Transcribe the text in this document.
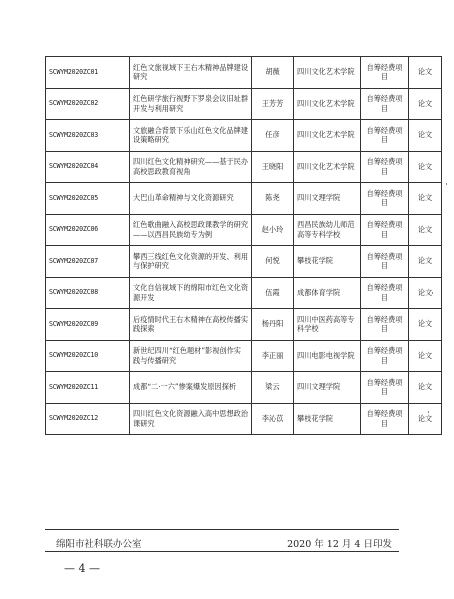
SCWYM2020ZC01	红色文旅视域下王右木精神品牌建设研究	胡薇	四川文化艺术学院	自筹经费项目	论文
SCWYM2020ZC02	红色研学旅行视野下罗泉会议旧址群开发与利用研究	王芳芳	四川文化艺术学院	自筹经费项目	论文
SCWYM2020ZC03	文旅融合背景下乐山红色文化品牌建设策略研究	任彦	四川文化艺术学院	自筹经费项目	论文
SCWYM2020ZC04	四川红色文化精神研究——基于民办高校思政教育视角	王晓阳	四川文化艺术学院	自筹经费项目	论文
SCWYM2020ZC05	大巴山革命精神与文化资源研究	陈尧	四川文理学院	自筹经费项目	论文
SCWYM2020ZC06	红色歌曲融入高校思政课教学的研究——以西昌民族幼专为例	赵小玲	西昌民族幼儿师范高等专科学校	自筹经费项目	论文
SCWYM2020ZC07	攀西三线红色文化资源的开发、利用与保护研究	何悦	攀枝花学院	自筹经费项目	论文
SCWYM2020ZC08	文化自信视域下的绵阳市红色文化资源开发	伍霞	成都体育学院	自筹经费项目	论文
SCWYM2020ZC09	后疫情时代王右木精神在高校传播实践探索	杨丹阳	四川中医药高等专科学校	自筹经费项目	论文
SCWYM2020ZC10	新世纪四川“红色题材”影视创作实践与传播研究	李正丽	四川电影电视学院	自筹经费项目	论文
SCWYM2020ZC11	成都“二·一六”惨案爆发原因探析	梁云	四川文理学院	自筹经费项目	论文
SCWYM2020ZC12	四川红色文化资源融入高中思想政治课研究	李沁苡	攀枝花学院	自筹经费项目	论文
绵阳市社科联办公室	2020 年 12 月 4 日印发
— 4 —
